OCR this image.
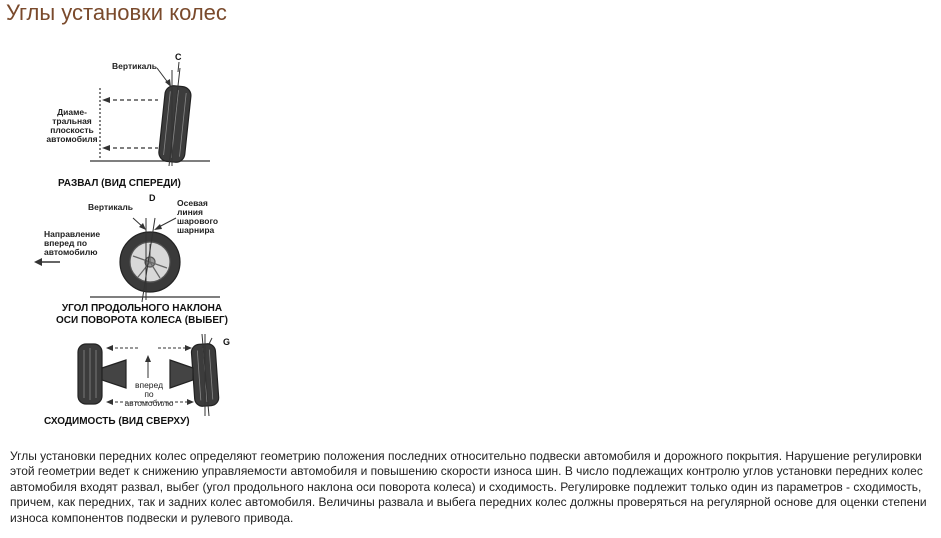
Углы установки колес
Вертикаль
C
Диаме-
тральная
плоскость
автомобиля
РАЗВАЛ (ВИД СПЕРЕДИ)
Вертикаль
D	Осевая
линия
шарового
шарнира
Направление
вперед по
автомобилю
УГОЛ ПРОДОЛЬНОГО НАКЛОНА
ОСИ ПОВОРОТА КОЛЕСА (ВЫБЕГ)
G
вперед
по автомобилю
СХОДИМОСТЬ (ВИД СВЕРХУ)

Углы установки передних колес определяют геометрию положения последних относительно подвески автомобиля и дорожного покрытия. Нарушение регулировки этой геометрии ведет к снижению управляемости автомобиля и повышению скорости износа шин. В число подлежащих контролю углов установки передних колес автомобиля входят развал, выбег (угол продольного наклона оси поворота колеса) и сходимость. Регулировке подлежит только один из параметров - сходимость, причем, как передних, так и задних колес автомобиля. Величины развала и выбега передних колес должны проверяться на регулярной основе для оценки степени износа компонентов подвески и рулевого привода.
